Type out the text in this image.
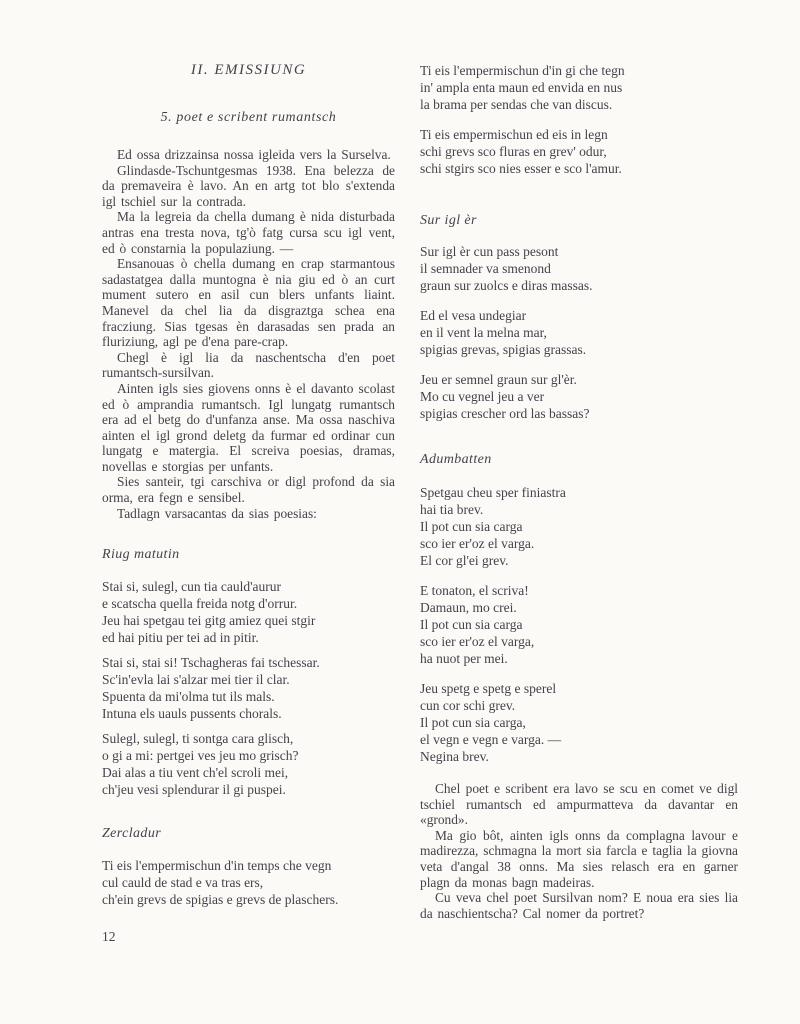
II. EMISSIUNG
5. poet e scribent rumantsch

Ed ossa drizzainsa nossa igleida vers la Surselva.

Glindasde-Tschuntgesmas 1938. Ena belezza de da premaveira è lavo. An en artg tot blo s'extenda igl tschiel sur la contrada.

Ma la legreia da chella dumang è nida disturbada antras ena tresta nova, tg'ò fatg cursa scu igl vent, ed ò constarnia la populaziung. —

Ensanouas ò chella dumang en crap starmantous sadastatgea dalla muntogna è nia giu ed ò an curt mument sutero en asil cun blers unfants liaint. Manevel da chel lia da disgraztga schea ena fracziung. Sias tgesas èn darasadas sen prada an fluriziung, agl pe d'ena pare-crap.

Chegl è igl lia da naschentscha d'en poet rumantsch-sursilvan.

Ainten igls sies giovens onns è el davanto scolast ed ò amprandia rumantsch. Igl lungatg rumantsch era ad el betg do d'unfanza anse. Ma ossa naschiva ainten el igl grond deletg da furmar ed ordinar cun lungatg e matergia. El screiva poesias, dramas, novellas e storgias per unfants.

Sies santeir, tgi carschiva or digl profond da sia orma, era fegn e sensibel.

Tadlagn varsacantas da sias poesias:

Riug matutin
Stai si, sulegl, cun tia cauld'aurur
e scatscha quella freida notg d'orrur.
Jeu hai spetgau tei gitg amiez quei stgir
ed hai pitiu per tei ad in pitir.
Stai si, stai si! Tschagheras fai tschessar.
Sc'in'evla lai s'alzar mei tier il clar.
Spuenta da mi'olma tut ils mals.
Intuna els uauls pussents chorals.
Sulegl, sulegl, ti sontga cara glisch,
o gi a mi: pertgei ves jeu mo grisch?
Dai alas a tiu vent ch'el scroli mei,
ch'jeu vesi splendurar il gi puspei.
Zercladur
Ti eis l'empermischun d'in temps che vegn
cul cauld de stad e va tras ers,
ch'ein grevs de spigias e grevs de plaschers.
Ti eis l'empermischun d'in gi che tegn
in' ampla enta maun ed envida en nus
la brama per sendas che van discus.
Ti eis empermischun ed eis in legn
schi grevs sco fluras en grev' odur,
schi stgirs sco nies esser e sco l'amur.
Sur igl èr
Sur igl èr cun pass pesont
il semnader va smenond
graun sur zuolcs e diras massas.
Ed el vesa undegiar
en il vent la melna mar,
spigias grevas, spigias grassas.
Jeu er semnel graun sur gl'èr.
Mo cu vegnel jeu a ver
spigias crescher ord las bassas?
Adumbatten
Spetgau cheu sper finiastra
hai tia brev.
Il pot cun sia carga
sco ier er'oz el varga.
El cor gl'ei grev.
E tonaton, el scriva!
Damaun, mo crei.
Il pot cun sia carga
sco ier er'oz el varga,
ha nuot per mei.
Jeu spetg e spetg e sperel
cun cor schi grev.
Il pot cun sia carga,
el vegn e vegn e varga. —
Negina brev.

Chel poet e scribent era lavo se scu en comet ve digl tschiel rumantsch ed ampurmatteva da davantar en «grond».

Ma gio bôt, ainten igls onns da complagna lavour e madirezza, schmagna la mort sia farcla e taglia la giovna veta d'angal 38 onns. Ma sies relasch era en garner plagn da monas bagn madeiras.

Cu veva chel poet Sursilvan nom? E noua era sies lia da naschientscha? Cal nomer da portret?

12
